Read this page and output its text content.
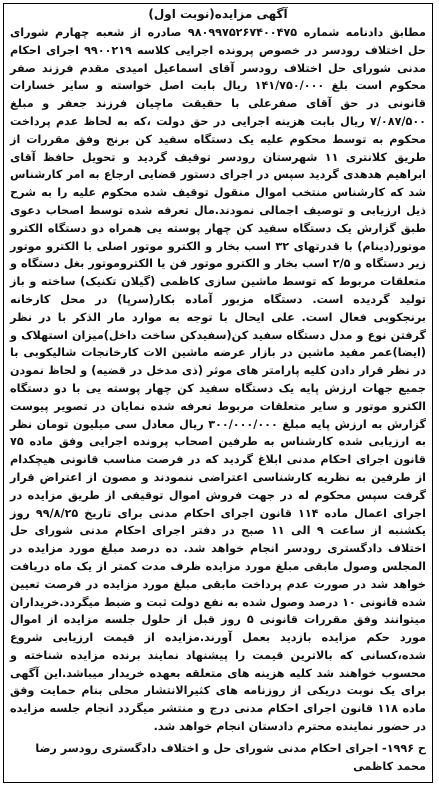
آگهی مزایده(نوبت اول)

مطابق دادنامه شماره ۹۸۰۹۹۷۵۲۶۷۴۰۰۴۷۵ صادره از شعبه چهارم شورای حل اختلاف رودسر در خصوص پرونده اجرایی کلاسه ۹۹۰۰۲۱۹ اجرای احکام مدنی شورای حل اختلاف رودسر آقای اسماعیل امیدی مقدم فرزند صفر محکوم است بلغ ۱۴۱/۷۵۰/۰۰۰ ریال بابت اصل خواسته و سایر خسارات قانونی در حق آقای صفرعلی با حقیقت ماچیان فرزند جعفر و مبلغ ۷/۰۸۷/۵۰۰ ریال بابت هزینه اجرایی در حق دولت ،که به لحاظ عدم پرداخت محکوم به توسط محکوم علیه یک دستگاه سفید کن برنج وفق مقررات از طریق کلانتری ۱۱ شهرستان رودسر توقیف گردید و تحویل حافظ آقای ابراهیم هدهدی گردید سپس در اجرای دستور قضایی ارجاع به امر کارشناس شد که کارشناس منتخب اموال منقول توقیف شده محکوم علیه را به شرح ذیل ارزیابی و توصیف اجمالی نمودند.مال تعرفه شده توسط اصحاب دعوی طبق گزارش یک دستگاه سفید کن چهار پوسته یی همراه دو دستگاه الکترو موتور(دینام) با قدرتهای ۳۲ اسب بخار و الکترو موتور اصلی با الکترو موتور زیر دستگاه و ۲/۵ اسب بخار و الکترو موتور فن یا الکتروموتور بغل دستگاه و متعلقات مربوط که توسط ماشین سازی کاظمی (گیلان تکنیک) ساخته و باز تولید گردیده است. دستگاه مزبور آماده بکار(سرپا) در محل کارخانه برنجکوبی فعال است. علی ایحال با توجه به موارد مار الذکر با در نظر گرفتن نوع و مدل دستگاه سفید کن(سفیدکن ساخت داخل)میزان استهلاک و (ایضا)عمر مفید ماشین در بازار عرضه ماشین الات کارخانجات شالیکوبی با در نظر قرار دادن کلیه پارامتر های موثر (ذی مدخل در قضیه) و لحاظ نمودن جمیع جهات ارزش پایه یک دستگاه سفید کن چهار پوسته یی با دو دستگاه الکترو موتور و سایر متعلقات مربوط تعرفه شده نمایان در تصویر پیوست گزارش به ارزش پایه مبلغ ۳۰۰/۰۰۰/۰۰۰ ریال معادل سی میلیون تومان نظر به ارزیابی شده کارشناس به طرفین اصحاب پرونده اجرایی وفق ماده ۷۵ قانون اجرای احکام مدنی ابلاغ گردید که در فرصت مناسب قانونی هیچکدام از طرفین به نظریه کارشناسی اعتراضی ننمودند و مصون از اعتراض قرار گرفت سپس محکوم له در جهت فروش اموال توقیفی از طریق مزایده در اجرای اعمال ماده ۱۱۴ قانون اجرای احکام مدنی برای تاریخ ۹۹/۸/۲۵ روز یکشنبه از ساعت ۹ الی ۱۱ صبح در دفتر اجرای احکام مدنی شورای حل اختلاف دادگستری رودسر انجام خواهد شد. ده درصد مبلغ مورد مزایده در المجلس وصول مابقی مبلغ مورد مزایده ظرف مدت کمتر از یک ماه دریافت خواهد شد در صورت عدم پرداخت مابقی مبلغ مورد مزایده در فرصت تعیین شده قانونی ۱۰ درصد وصول شده به نفع دولت ثبت و ضبط میگردد.خریداران میتوانند وفق مقررات قانونی ۵ روز قبل از حلول جلسه مزایده از اموال مورد حکم مزایده بازدید بعمل آورند.مزایده از قیمت ارزیابی شروع شده،کسانی که بالاترین قیمت را پیشنهاد نمایند برنده مزایده شناخته و محسوب خواهند شد کلیه هزینه های متعلقه بعهده خریدار میباشد.این آگهی برای یک نوبت دریکی از روزنامه های کثیرالانتشار محلی بنام حمایت وفق ماده ۱۱۸ قانون اجرای احکام مدنی درج و منتشر میگردد انجام جلسه مزایده در حضور نماینده محترم دادستان انجام خواهد شد.

ح ۱۹۹۶- اجرای احکام مدنی شورای حل و اختلاف دادگستری رودسر رضا
محمد کاظمی
